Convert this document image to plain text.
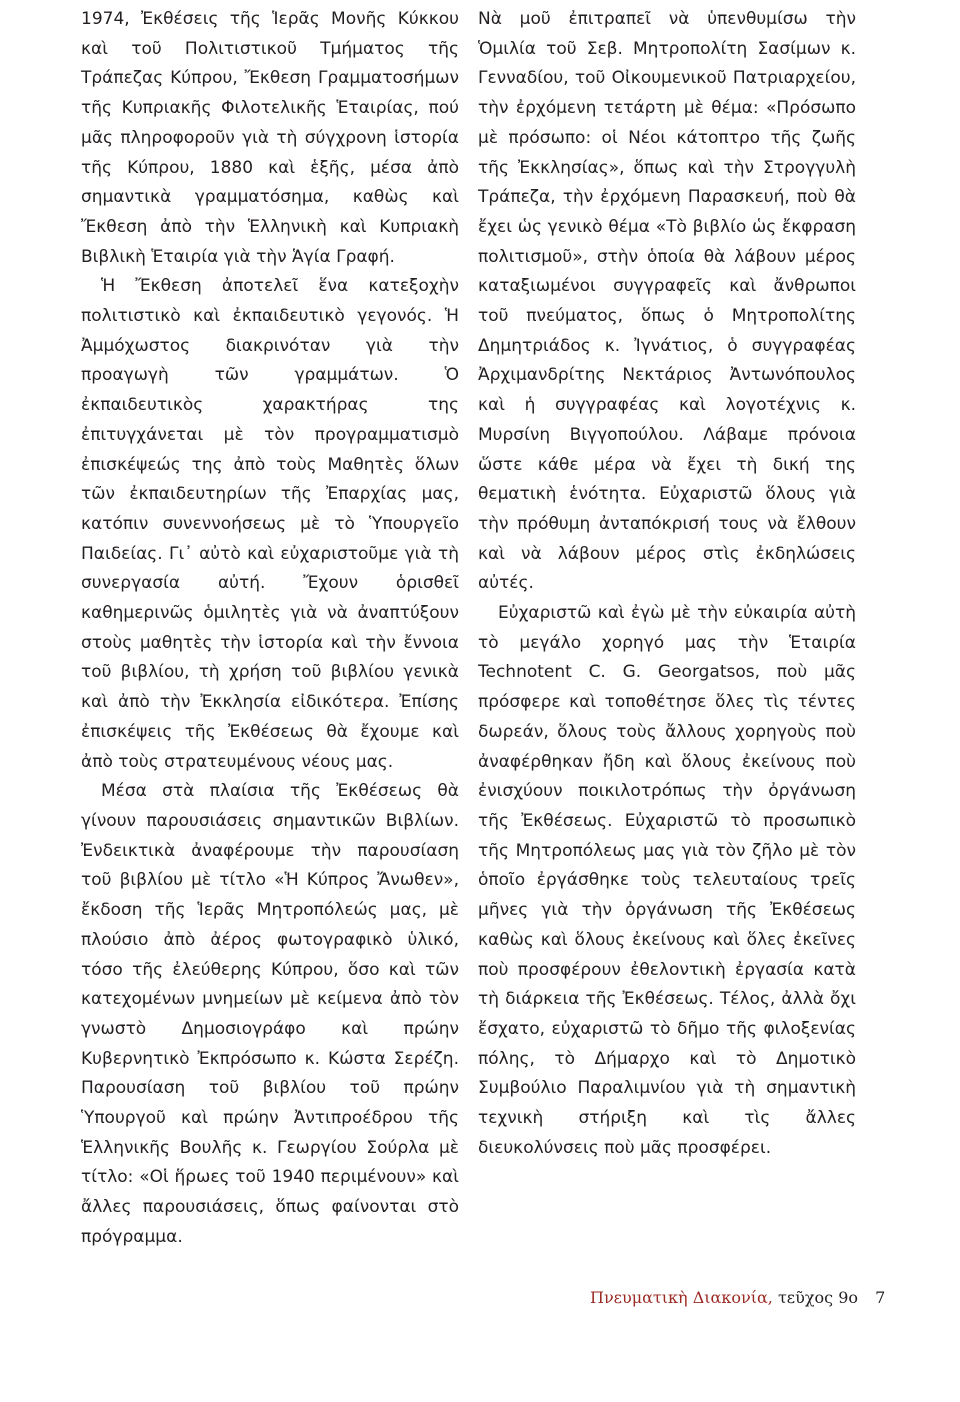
1974, Ἐκθέσεις τῆς Ἱερᾶς Μονῆς Κύκκου καὶ τοῦ Πολιτιστικοῦ Τμήματος τῆς Τράπεζας Κύπρου, Ἔκθεση Γραμματοσήμων τῆς Κυπριακῆς Φιλοτελικῆς Ἑταιρίας, πού μᾶς πληροφοροῦν γιὰ τὴ σύγχρονη ἱστορία τῆς Κύπρου, 1880 καὶ ἑξῆς, μέσα ἀπὸ σημαντικὰ γραμματόσημα, καθὼς καὶ Ἔκθεση ἀπὸ τὴν Ἑλληνικὴ καὶ Κυπριακὴ Βιβλικὴ Ἑταιρία γιὰ τὴν Ἁγία Γραφή.

Ἡ Ἔκθεση ἀποτελεῖ ἕνα κατεξοχὴν πολιτιστικὸ καὶ ἐκπαιδευτικὸ γεγονός. Ἡ Ἀμμόχωστος διακρινόταν γιὰ τὴν προαγωγὴ τῶν γραμμάτων. Ὁ ἐκπαιδευτικὸς χαρακτήρας της ἐπιτυγχάνεται μὲ τὸν προγραμματισμὸ ἐπισκέψεώς της ἀπὸ τοὺς Μαθητὲς ὅλων τῶν ἐκπαιδευτηρίων τῆς Ἐπαρχίας μας, κατόπιν συνεννοήσεως μὲ τὸ Ὑπουργεῖο Παιδείας. Γι᾽ αὐτὸ καὶ εὐχαριστοῦμε γιὰ τὴ συνεργασία αὐτή. Ἔχουν ὁρισθεῖ καθημερινῶς ὁμιλητὲς γιὰ νὰ ἀναπτύξουν στοὺς μαθητὲς τὴν ἱστορία καὶ τὴν ἔννοια τοῦ βιβλίου, τὴ χρήση τοῦ βιβλίου γενικὰ καὶ ἀπὸ τὴν Ἐκκλησία εἰδικότερα. Ἐπίσης ἐπισκέψεις τῆς Ἐκθέσεως θὰ ἔχουμε καὶ ἀπὸ τοὺς στρατευμένους νέους μας.

Μέσα στὰ πλαίσια τῆς Ἐκθέσεως θὰ γίνουν παρουσιάσεις σημαντικῶν Βιβλίων. Ἐνδεικτικὰ ἀναφέρουμε τὴν παρουσίαση τοῦ βιβλίου μὲ τίτλο «Ἡ Κύπρος Ἄνωθεν», ἔκδοση τῆς Ἱερᾶς Μητροπόλεώς μας, μὲ πλούσιο ἀπὸ ἀέρος φωτογραφικὸ ὑλικό, τόσο τῆς ἐλεύθερης Κύπρου, ὅσο καὶ τῶν κατεχομένων μνημείων μὲ κείμενα ἀπὸ τὸν γνωστὸ Δημοσιογράφο καὶ πρώην Κυβερνητικὸ Ἐκπρόσωπο κ. Κώστα Σερέζη. Παρουσίαση τοῦ βιβλίου τοῦ πρώην Ὑπουργοῦ καὶ πρώην Ἀντιπροέδρου τῆς Ἑλληνικῆς Βουλῆς κ. Γεωργίου Σούρλα μὲ τίτλο: «Οἱ ἥρωες τοῦ 1940 περιμένουν» καὶ ἄλλες παρουσιάσεις, ὅπως φαίνονται στὸ πρόγραμμα.

Νὰ μοῦ ἐπιτραπεῖ νὰ ὑπενθυμίσω τὴν Ὁμιλία τοῦ Σεβ. Μητροπολίτη Σασίμων κ. Γενναδίου, τοῦ Οἰκουμενικοῦ Πατριαρχείου, τὴν ἐρχόμενη τετάρτη μὲ θέμα: «Πρόσωπο μὲ πρόσωπο: οἱ Νέοι κάτοπτρο τῆς ζωῆς τῆς Ἐκκλησίας», ὅπως καὶ τὴν Στρογγυλὴ Τράπεζα, τὴν ἐρχόμενη Παρασκευή, ποὺ θὰ ἔχει ὡς γενικὸ θέμα «Τὸ βιβλίο ὡς ἔκφραση πολιτισμοῦ», στὴν ὁποία θὰ λάβουν μέρος καταξιωμένοι συγγραφεῖς καὶ ἄνθρωποι τοῦ πνεύματος, ὅπως ὁ Μητροπολίτης Δημητριάδος κ. Ἰγνάτιος, ὁ συγγραφέας Ἀρχιμανδρίτης Νεκτάριος Ἀντωνόπουλος καὶ ἡ συγγραφέας καὶ λογοτέχνις κ. Μυρσίνη Βιγγοπούλου. Λάβαμε πρόνοια ὥστε κάθε μέρα νὰ ἔχει τὴ δική της θεματικὴ ἑνότητα. Εὐχαριστῶ ὅλους γιὰ τὴν πρόθυμη ἀνταπόκρισή τους νὰ ἔλθουν καὶ νὰ λάβουν μέρος στὶς ἐκδηλώσεις αὐτές.

Εὐχαριστῶ καὶ ἐγὼ μὲ τὴν εὐκαιρία αὐτὴ τὸ μεγάλο χορηγό μας τὴν Ἑταιρία Technotent C. G. Georgatsos, ποὺ μᾶς πρόσφερε καὶ τοποθέτησε ὅλες τὶς τέντες δωρεάν, ὅλους τοὺς ἄλλους χορηγοὺς ποὺ ἀναφέρθηκαν ἤδη καὶ ὅλους ἐκείνους ποὺ ἐνισχύουν ποικιλοτρόπως τὴν ὀργάνωση τῆς Ἐκθέσεως. Εὐχαριστῶ τὸ προσωπικὸ τῆς Μητροπόλεως μας γιὰ τὸν ζῆλο μὲ τὸν ὁποῖο ἐργάσθηκε τοὺς τελευταίους τρεῖς μῆνες γιὰ τὴν ὀργάνωση τῆς Ἐκθέσεως καθὼς καὶ ὅλους ἐκείνους καὶ ὅλες ἐκεῖνες ποὺ προσφέρουν ἐθελοντικὴ ἐργασία κατὰ τὴ διάρκεια τῆς Ἐκθέσεως. Τέλος, ἀλλὰ ὄχι ἔσχατο, εὐχαριστῶ τὸ δῆμο τῆς φιλοξενίας πόλης, τὸ Δήμαρχο καὶ τὸ Δημοτικὸ Συμβούλιο Παραλιμνίου γιὰ τὴ σημαντικὴ τεχνικὴ στήριξη καὶ τὶς ἄλλες διευκολύνσεις ποὺ μᾶς προσφέρει.

Πνευματικὴ Διακονία, τεῦχος 9ο 7
